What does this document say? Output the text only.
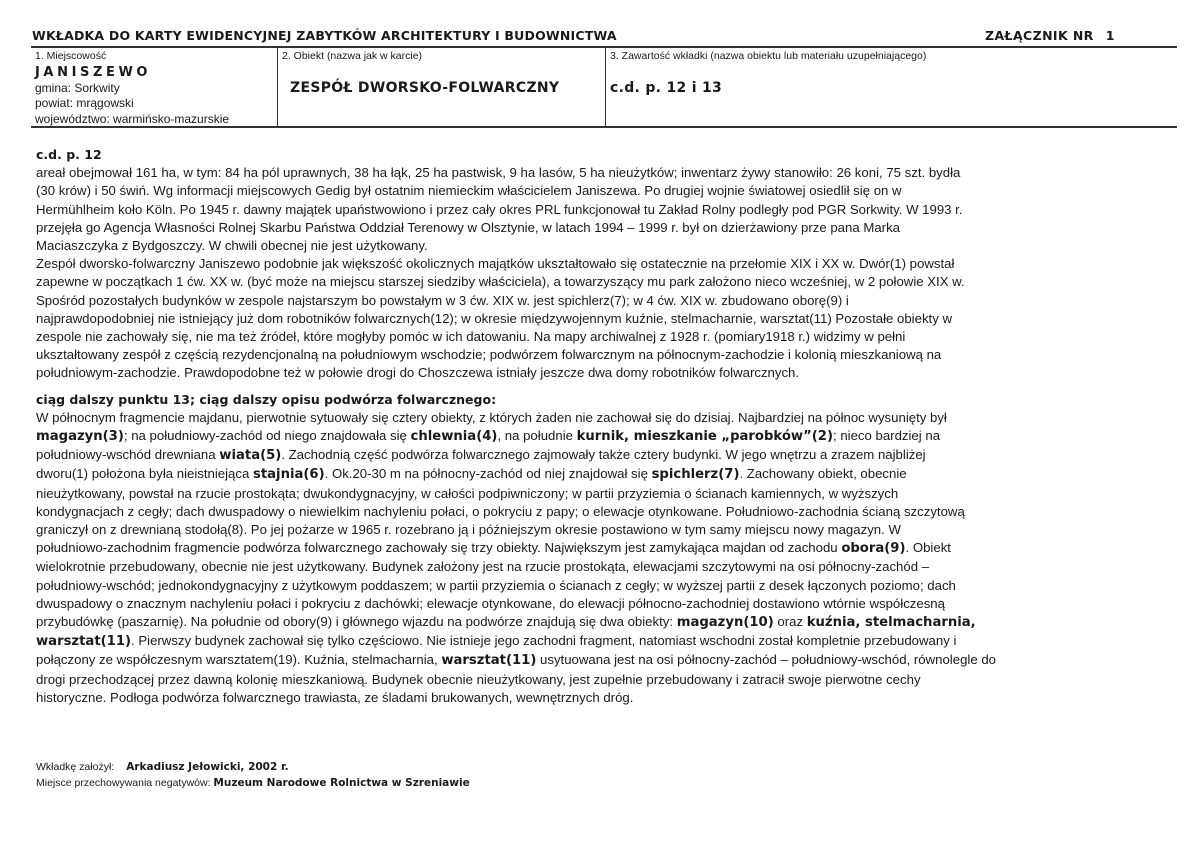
WKŁADKA DO KARTY EWIDENCYJNEJ ZABYTKÓW ARCHITEKTURY I BUDOWNICTWA	ZAŁĄCZNIK NR 1
1. Miejscowość
JANISZEWO
gmina: Sorkwity
powiat: mrągowski
województwo: warmińsko-mazurskie
2. Obiekt (nazwa jak w karcie)
ZESPÓŁ DWORSKO-FOLWARCZNY
3. Zawartość wkładki (nazwa obiektu lub materiału uzupełniającego)
c.d. p. 12 i 13
c.d. p. 12
areał obejmował 161 ha, w tym: 84 ha pól uprawnych, 38 ha łąk, 25 ha pastwisk, 9 ha lasów, 5 ha nieużytków; inwentarz żywy stanowiło: 26 koni, 75 szt. bydła
(30 krów) i 50 świń. Wg informacji miejscowych Gedig był ostatnim niemieckim właścicielem Janiszewa. Po drugiej wojnie światowej osiedlił się on w
Hermühlheim koło Köln. Po 1945 r. dawny majątek upaństwowiono i przez cały okres PRL funkcjonował tu Zakład Rolny podległy pod PGR Sorkwity. W 1993 r.
przejęła go Agencja Własności Rolnej Skarbu Państwa Oddział Terenowy w Olsztynie, w latach 1994 – 1999 r. był on dzierżawiony prze pana Marka
Maciaszczyka z Bydgoszczy. W chwili obecnej nie jest użytkowany.
Zespół dworsko-folwarczny Janiszewo podobnie jak większość okolicznych majątków ukształtowało się ostatecznie na przełomie XIX i XX w. Dwór(1) powstał
zapewne w początkach 1 ćw. XX w. (być może na miejscu starszej siedziby właściciela), a towarzyszący mu park założono nieco wcześniej, w 2 połowie XIX w.
Spośród pozostałych budynków w zespole najstarszym bo powstałym w 3 ćw. XIX w. jest spichlerz(7); w 4 ćw. XIX w. zbudowano oborę(9) i
najprawdopodobniej nie istniejący już dom robotników folwarcznych(12); w okresie międzywojennym kuźnie, stelmacharnie, warsztat(11) Pozostałe obiekty w
zespole nie zachowały się, nie ma też źródeł, które mogłyby pomóc w ich datowaniu. Na mapy archiwalnej z 1928 r. (pomiary1918 r.) widzimy w pełni
ukształtowany zespół z częścią rezydencjonalną na południowym wschodzie; podwórzem folwarcznym na północnym-zachodzie i kolonią mieszkaniową na
południowym-zachodzie. Prawdopodobne też w połowie drogi do Choszczewa istniały jeszcze dwa domy robotników folwarcznych.
ciąg dalszy punktu 13; ciąg dalszy opisu podwórza folwarcznego:
W północnym fragmencie majdanu, pierwotnie sytuowały się cztery obiekty, z których żaden nie zachował się do dzisiaj. Najbardziej na północ wysunięty był
magazyn(3); na południowy-zachód od niego znajdowała się chlewnia(4), na południe kurnik, mieszkanie „parobków”(2); nieco bardziej na
południowy-wschód drewniana wiata(5). Zachodnią część podwórza folwarcznego zajmowały także cztery budynki. W jego wnętrzu a zrazem najbliżej
dworu(1) położona była nieistniejąca stajnia(6). Ok.20-30 m na północny-zachód od niej znajdował się spichlerz(7). Zachowany obiekt, obecnie
nieużytkowany, powstał na rzucie prostokąta; dwukondygnacyjny, w całości podpiwniczony; w partii przyziemia o ścianach kamiennych, w wyższych
kondygnacjach z cegły; dach dwuspadowy o niewielkim nachyleniu połaci, o pokryciu z papy; o elewacje otynkowane. Południowo-zachodnia ścianą szczytową
graniczył on z drewnianą stodołą(8). Po jej pożarze w 1965 r. rozebrano ją i późniejszym okresie postawiono w tym samy miejscu nowy magazyn. W
południowo-zachodnim fragmencie podwórza folwarcznego zachowały się trzy obiekty. Największym jest zamykająca majdan od zachodu obora(9). Obiekt
wielokrotnie przebudowany, obecnie nie jest użytkowany. Budynek założony jest na rzucie prostokąta, elewacjami szczytowymi na osi północny-zachód –
południowy-wschód; jednokondygnacyjny z użytkowym poddaszem; w partii przyziemia o ścianach z cegły; w wyższej partii z desek łączonych poziomo; dach
dwuspadowy o znacznym nachyleniu połaci i pokryciu z dachówki; elewacje otynkowane, do elewacji północno-zachodniej dostawiono wtórnie współczesną
przybudówkę (paszarnię). Na południe od obory(9) i głównego wjazdu na podwórze znajdują się dwa obiekty: magazyn(10) oraz kuźnia, stelmacharnia,
warsztat(11). Pierwszy budynek zachował się tylko częściowo. Nie istnieje jego zachodni fragment, natomiast wschodni został kompletnie przebudowany i
połączony ze współczesnym warsztatem(19). Kuźnia, stelmacharnia, warsztat(11) usytuowana jest na osi północny-zachód – południowy-wschód, równolegle do
drogi przechodzącej przez dawną kolonię mieszkaniową. Budynek obecnie nieużytkowany, jest zupełnie przebudowany i zatracił swoje pierwotne cechy
historyczne. Podłoga podwórza folwarcznego trawiasta, ze śladami brukowanych, wewnętrznych dróg.
Wkładkę założył: Arkadiusz Jełowicki, 2002 r.
Miejsce przechowywania negatywów: Muzeum Narodowe Rolnictwa w Szreniawie
